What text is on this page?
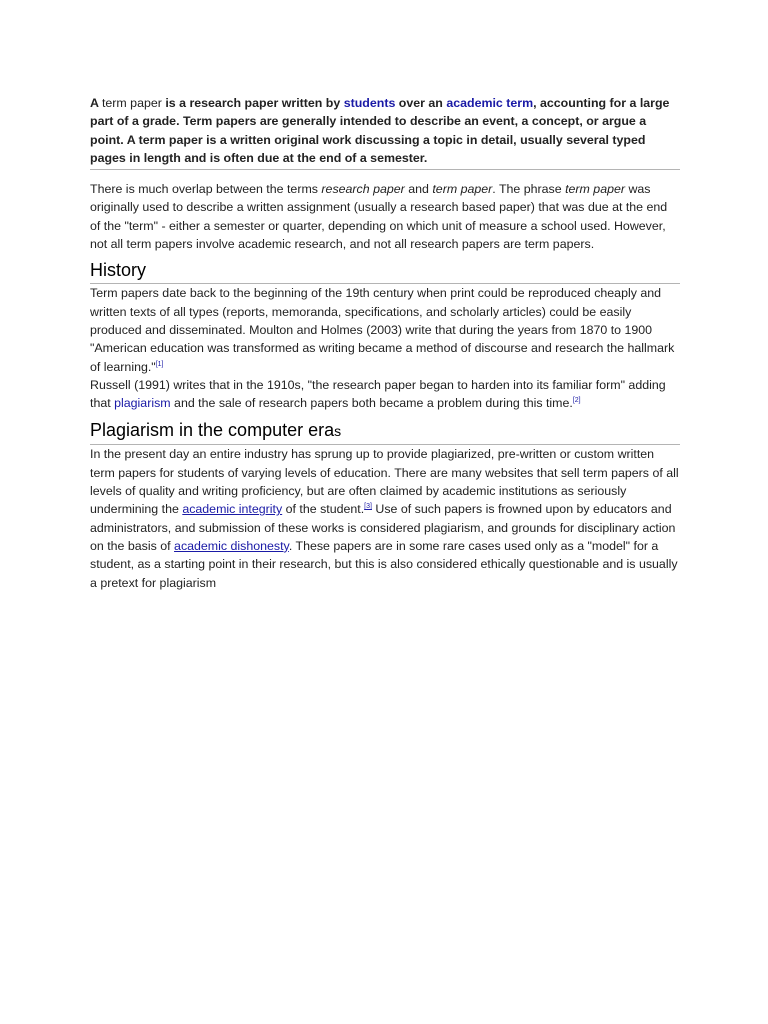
A term paper is a research paper written by students over an academic term, accounting for a large part of a grade. Term papers are generally intended to describe an event, a concept, or argue a point. A term paper is a written original work discussing a topic in detail, usually several typed pages in length and is often due at the end of a semester.

There is much overlap between the terms research paper and term paper. The phrase term paper was originally used to describe a written assignment (usually a research based paper) that was due at the end of the "term" - either a semester or quarter, depending on which unit of measure a school used. However, not all term papers involve academic research, and not all research papers are term papers.

History

Term papers date back to the beginning of the 19th century when print could be reproduced cheaply and written texts of all types (reports, memoranda, specifications, and scholarly articles) could be easily produced and disseminated. Moulton and Holmes (2003) write that during the years from 1870 to 1900 "American education was transformed as writing became a method of discourse and research the hallmark of learning."[1]

Russell (1991) writes that in the 1910s, "the research paper began to harden into its familiar form" adding that plagiarism and the sale of research papers both became a problem during this time.[2]

Plagiarism in the computer eras

In the present day an entire industry has sprung up to provide plagiarized, pre-written or custom written term papers for students of varying levels of education. There are many websites that sell term papers of all levels of quality and writing proficiency, but are often claimed by academic institutions as seriously undermining the academic integrity of the student.[3] Use of such papers is frowned upon by educators and administrators, and submission of these works is considered plagiarism, and grounds for disciplinary action on the basis of academic dishonesty. These papers are in some rare cases used only as a "model" for a student, as a starting point in their research, but this is also considered ethically questionable and is usually a pretext for plagiarism
